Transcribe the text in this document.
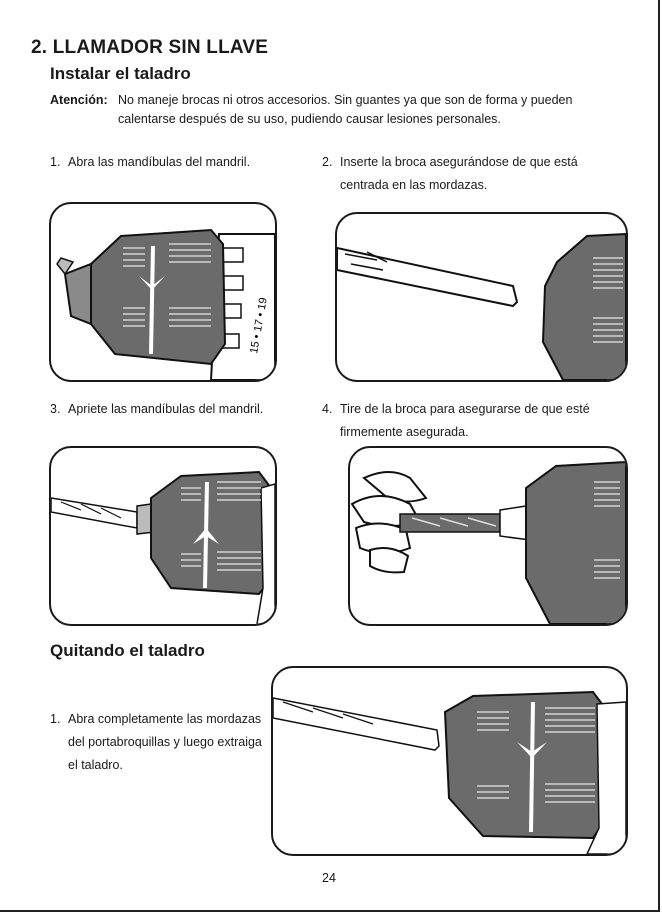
2. LLAMADOR SIN LLAVE
Instalar el taladro
Atención: No maneje brocas ni otros accesorios. Sin guantes ya que son de forma y pueden
calentarse después de su uso, pudiendo causar lesiones personales.
1. Abra las mandíbulas del mandril.	2. Inserte la broca asegurándose de que está
centrada en las mordazas.
15 • 17 • 19
3. Apriete las mandíbulas del mandril.	4. Tire de la broca para asegurarse de que esté
firmemente asegurada.
Quitando el taladro
1. Abra completamente las mordazas
del portabroquillas y luego extraiga
el taladro.
24
